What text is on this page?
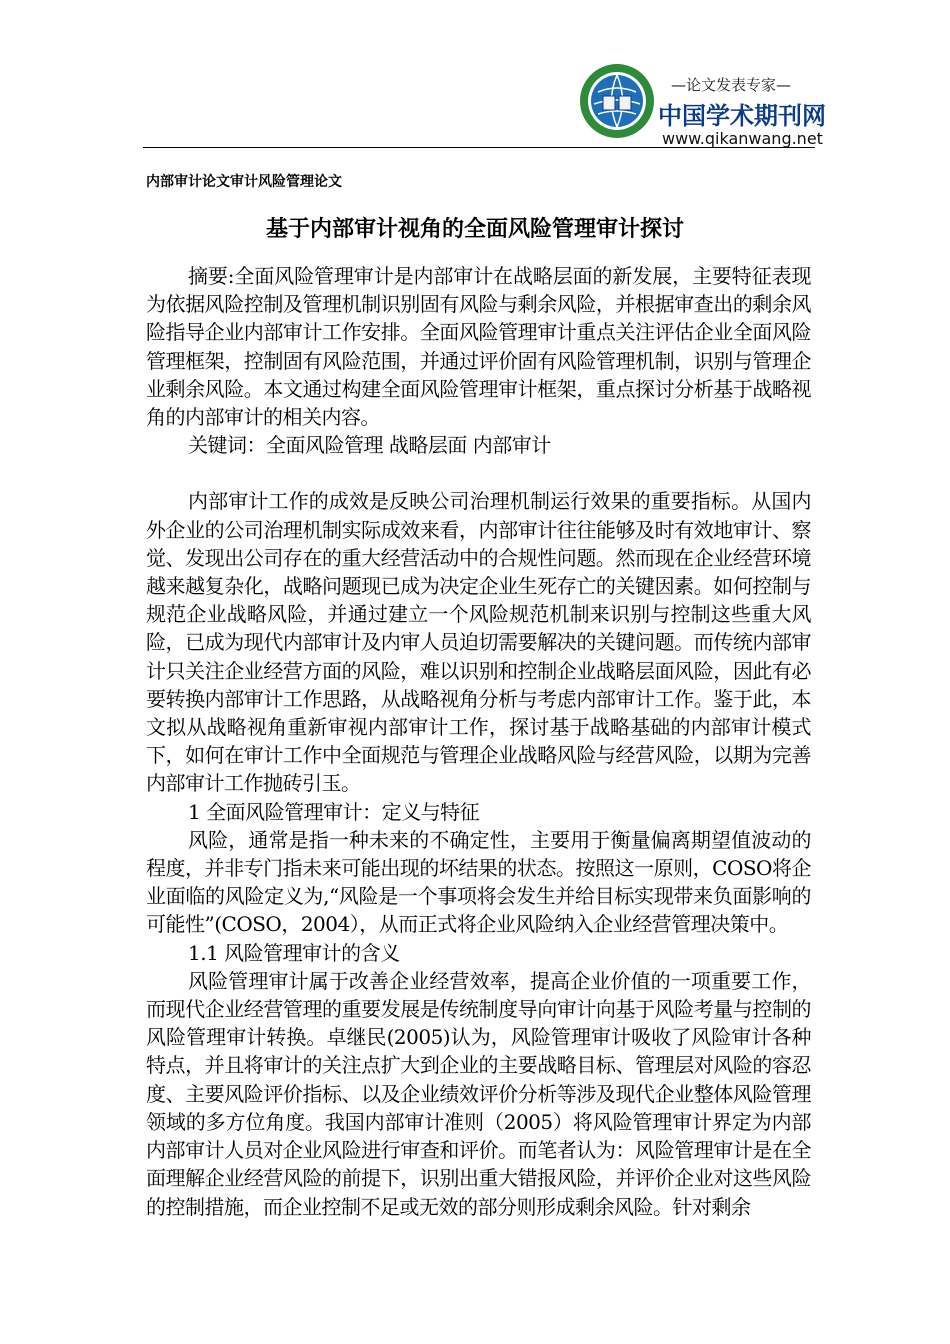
—论文发表专家—
中国学术期刊网
www.qikanwang.net
内部审计论文审计风险管理论文
基于内部审计视角的全面风险管理审计探讨

摘要:全面风险管理审计是内部审计在战略层面的新发展，主要特征表现为依据风险控制及管理机制识别固有风险与剩余风险，并根据审查出的剩余风险指导企业内部审计工作安排。全面风险管理审计重点关注评估企业全面风险管理框架，控制固有风险范围，并通过评价固有风险管理机制，识别与管理企业剩余风险。本文通过构建全面风险管理审计框架，重点探讨分析基于战略视角的内部审计的相关内容。

关键词：全面风险管理 战略层面 内部审计

内部审计工作的成效是反映公司治理机制运行效果的重要指标。从国内外企业的公司治理机制实际成效来看，内部审计往往能够及时有效地审计、察觉、发现出公司存在的重大经营活动中的合规性问题。然而现在企业经营环境越来越复杂化，战略问题现已成为决定企业生死存亡的关键因素。如何控制与规范企业战略风险，并通过建立一个风险规范机制来识别与控制这些重大风险，已成为现代内部审计及内审人员迫切需要解决的关键问题。而传统内部审计只关注企业经营方面的风险，难以识别和控制企业战略层面风险，因此有必要转换内部审计工作思路，从战略视角分析与考虑内部审计工作。鉴于此，本文拟从战略视角重新审视内部审计工作，探讨基于战略基础的内部审计模式下，如何在审计工作中全面规范与管理企业战略风险与经营风险，以期为完善内部审计工作抛砖引玉。

1 全面风险管理审计：定义与特征

风险，通常是指一种未来的不确定性，主要用于衡量偏离期望值波动的程度，并非专门指未来可能出现的坏结果的状态。按照这一原则，COSO将企业面临的风险定义为,“风险是一个事项将会发生并给目标实现带来负面影响的可能性”(COSO，2004），从而正式将企业风险纳入企业经营管理决策中。

1.1 风险管理审计的含义

风险管理审计属于改善企业经营效率，提高企业价值的一项重要工作，而现代企业经营管理的重要发展是传统制度导向审计向基于风险考量与控制的风险管理审计转换。卓继民(2005)认为，风险管理审计吸收了风险审计各种特点，并且将审计的关注点扩大到企业的主要战略目标、管理层对风险的容忍度、主要风险评价指标、以及企业绩效评价分析等涉及现代企业整体风险管理领域的多方位角度。我国内部审计准则（2005）将风险管理审计界定为内部内部审计人员对企业风险进行审查和评价。而笔者认为：风险管理审计是在全面理解企业经营风险的前提下，识别出重大错报风险，并评价企业对这些风险的控制措施，而企业控制不足或无效的部分则形成剩余风险。针对剩余
